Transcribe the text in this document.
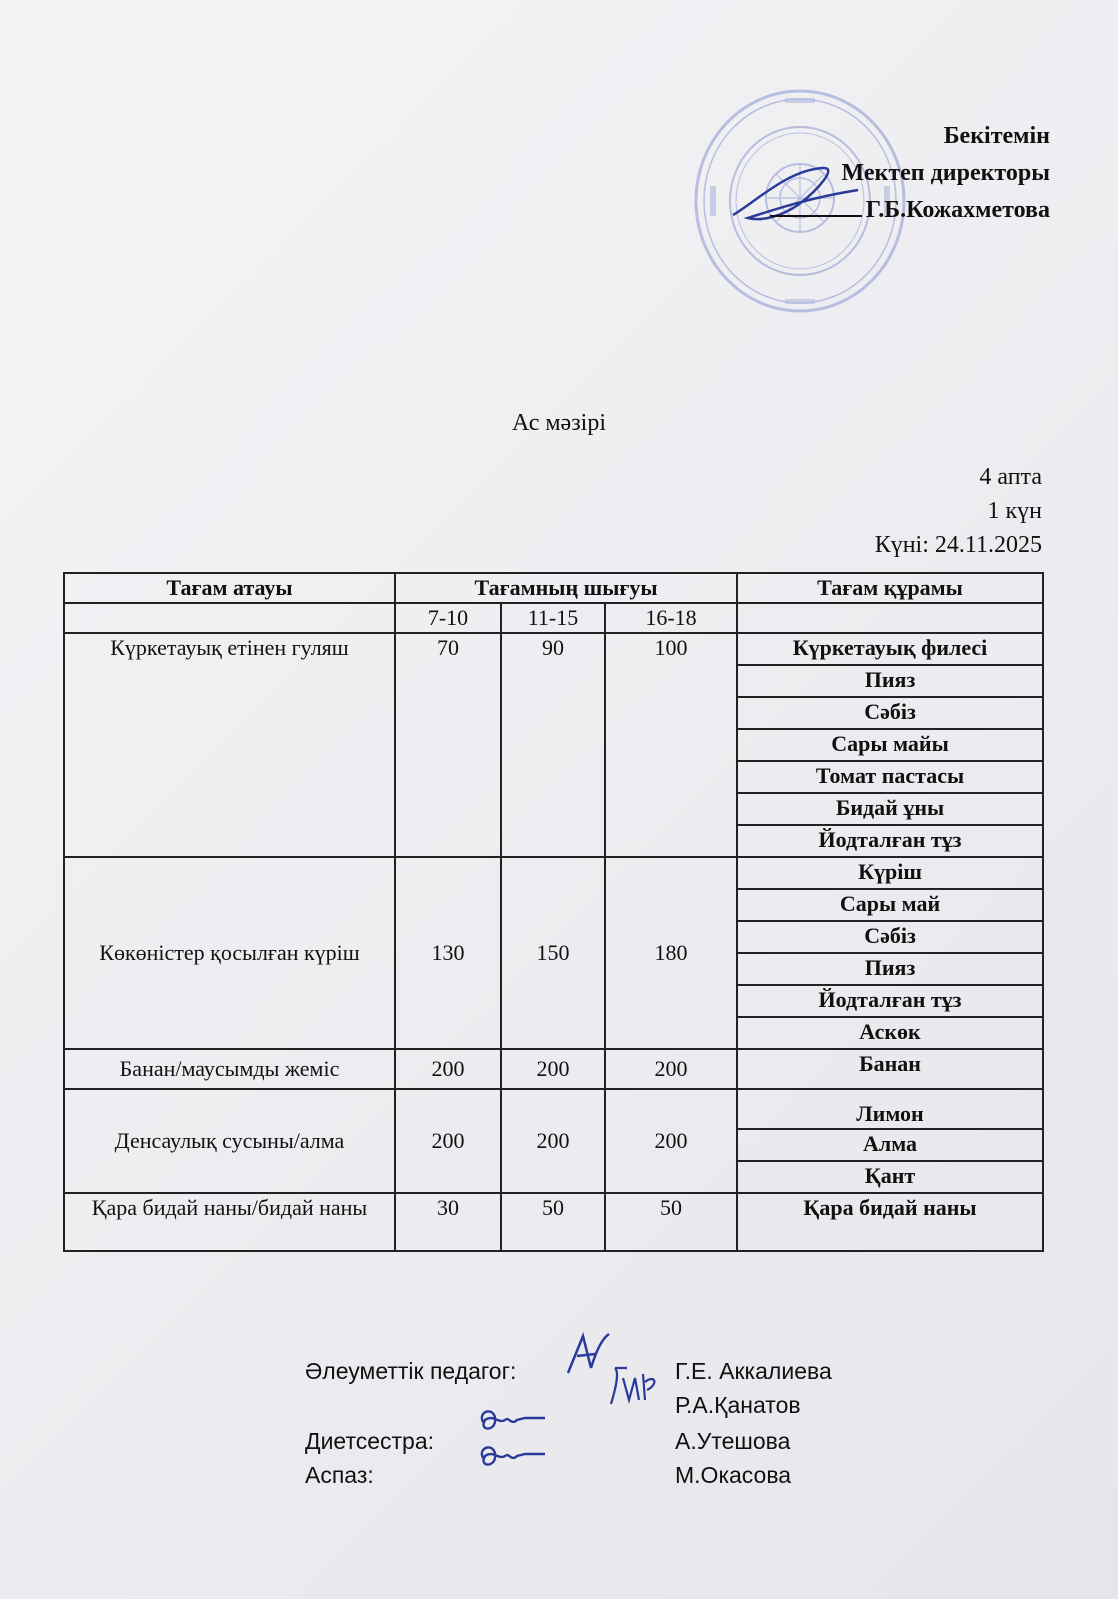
Бекітемін
Мектеп директоры
Г.Б.Кожахметова
Ас мәзірі
4 апта
1 күн
Күні: 24.11.2025
Тағам атауы	Тағамның шығуы			Тағам құрамы
	7-10	11-15	16-18	
Күркетауық етінен гуляш	70	90	100	Күркетауық филесі
				Пияз
				Сәбіз
				Сары майы
				Томат пастасы
				Бидай ұны
				Йодталған тұз
Көкөністер қосылған күріш	130	150	180	Күріш
				Сары май
				Сәбіз
				Пияз
				Йодталған тұз
				Аскөк
Банан/маусымды жеміс	200	200	200	Банан
Денсаулық сусыны/алма	200	200	200	Лимон
				Алма
				Қант
Қара бидай наны/бидай наны	30	50	50	Қара бидай наны
Әлеуметтік педагог:	Г.Е. Аккалиева
Р.А.Қанатов
Диетсестра:	А.Утешова
Аспаз:	М.Окасова
